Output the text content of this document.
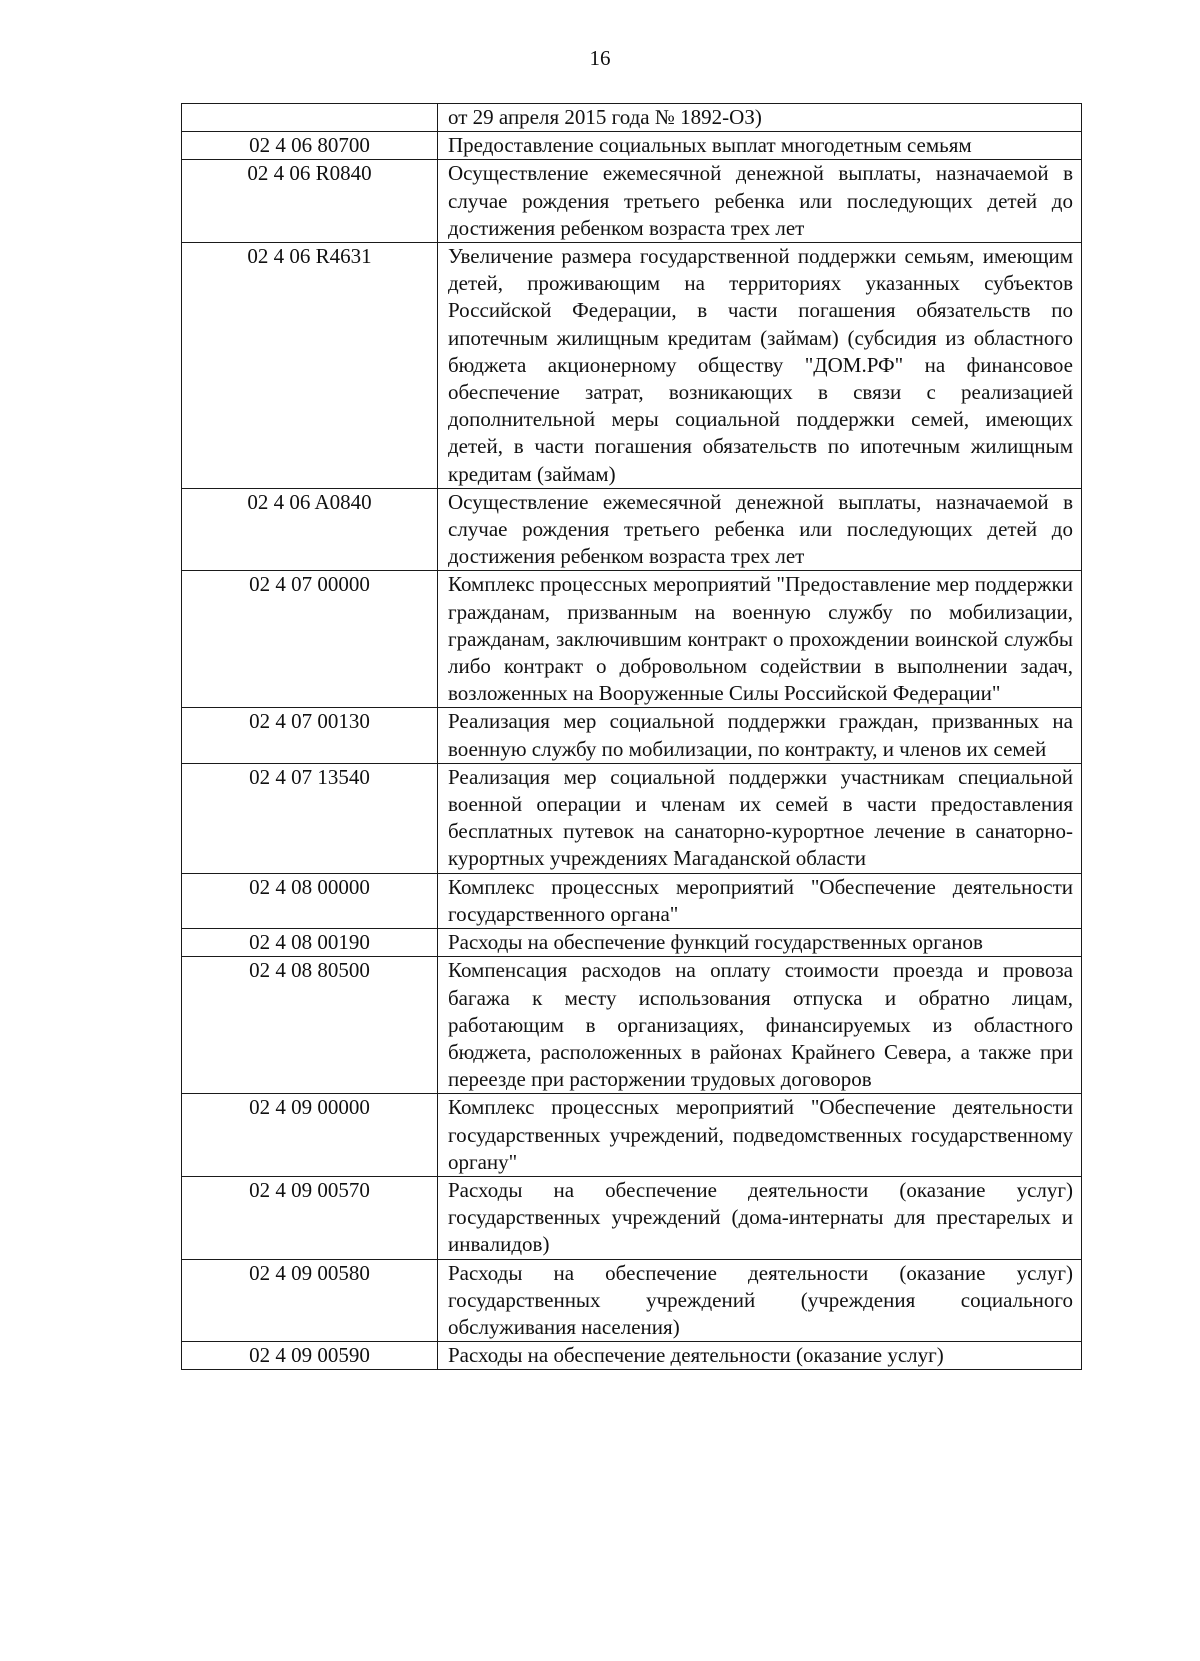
16
	от 29 апреля 2015 года № 1892-ОЗ)
02 4 06 80700	Предоставление социальных выплат многодетным семьям
02 4 06 R0840	Осуществление ежемесячной денежной выплаты, назначаемой в случае рождения третьего ребенка или последующих детей до достижения ребенком возраста трех лет
02 4 06 R4631	Увеличение размера государственной поддержки семьям, имеющим детей, проживающим на территориях указанных субъектов Российской Федерации, в части погашения обязательств по ипотечным жилищным кредитам (займам) (субсидия из областного бюджета акционерному обществу "ДОМ.РФ" на финансовое обеспечение затрат, возникающих в связи с реализацией дополнительной меры социальной поддержки семей, имеющих детей, в части погашения обязательств по ипотечным жилищным кредитам (займам)
02 4 06 A0840	Осуществление ежемесячной денежной выплаты, назначаемой в случае рождения третьего ребенка или последующих детей до достижения ребенком возраста трех лет
02 4 07 00000	Комплекс процессных мероприятий "Предоставление мер поддержки гражданам, призванным на военную службу по мобилизации, гражданам, заключившим контракт о прохождении воинской службы либо контракт о добровольном содействии в выполнении задач, возложенных на Вооруженные Силы Российской Федерации"
02 4 07 00130	Реализация мер социальной поддержки граждан, призванных на военную службу по мобилизации, по контракту, и членов их семей
02 4 07 13540	Реализация мер социальной поддержки участникам специальной военной операции и членам их семей в части предоставления бесплатных путевок на санаторно-курортное лечение в санаторно-курортных учреждениях Магаданской области
02 4 08 00000	Комплекс процессных мероприятий "Обеспечение деятельности государственного органа"
02 4 08 00190	Расходы на обеспечение функций государственных органов
02 4 08 80500	Компенсация расходов на оплату стоимости проезда и провоза багажа к месту использования отпуска и обратно лицам, работающим в организациях, финансируемых из областного бюджета, расположенных в районах Крайнего Севера, а также при переезде при расторжении трудовых договоров
02 4 09 00000	Комплекс процессных мероприятий "Обеспечение деятельности государственных учреждений, подведомственных государственному органу"
02 4 09 00570	Расходы на обеспечение деятельности (оказание услуг) государственных учреждений (дома-интернаты для престарелых и инвалидов)
02 4 09 00580	Расходы на обеспечение деятельности (оказание услуг) государственных учреждений (учреждения социального обслуживания населения)
02 4 09 00590	Расходы на обеспечение деятельности (оказание услуг)
